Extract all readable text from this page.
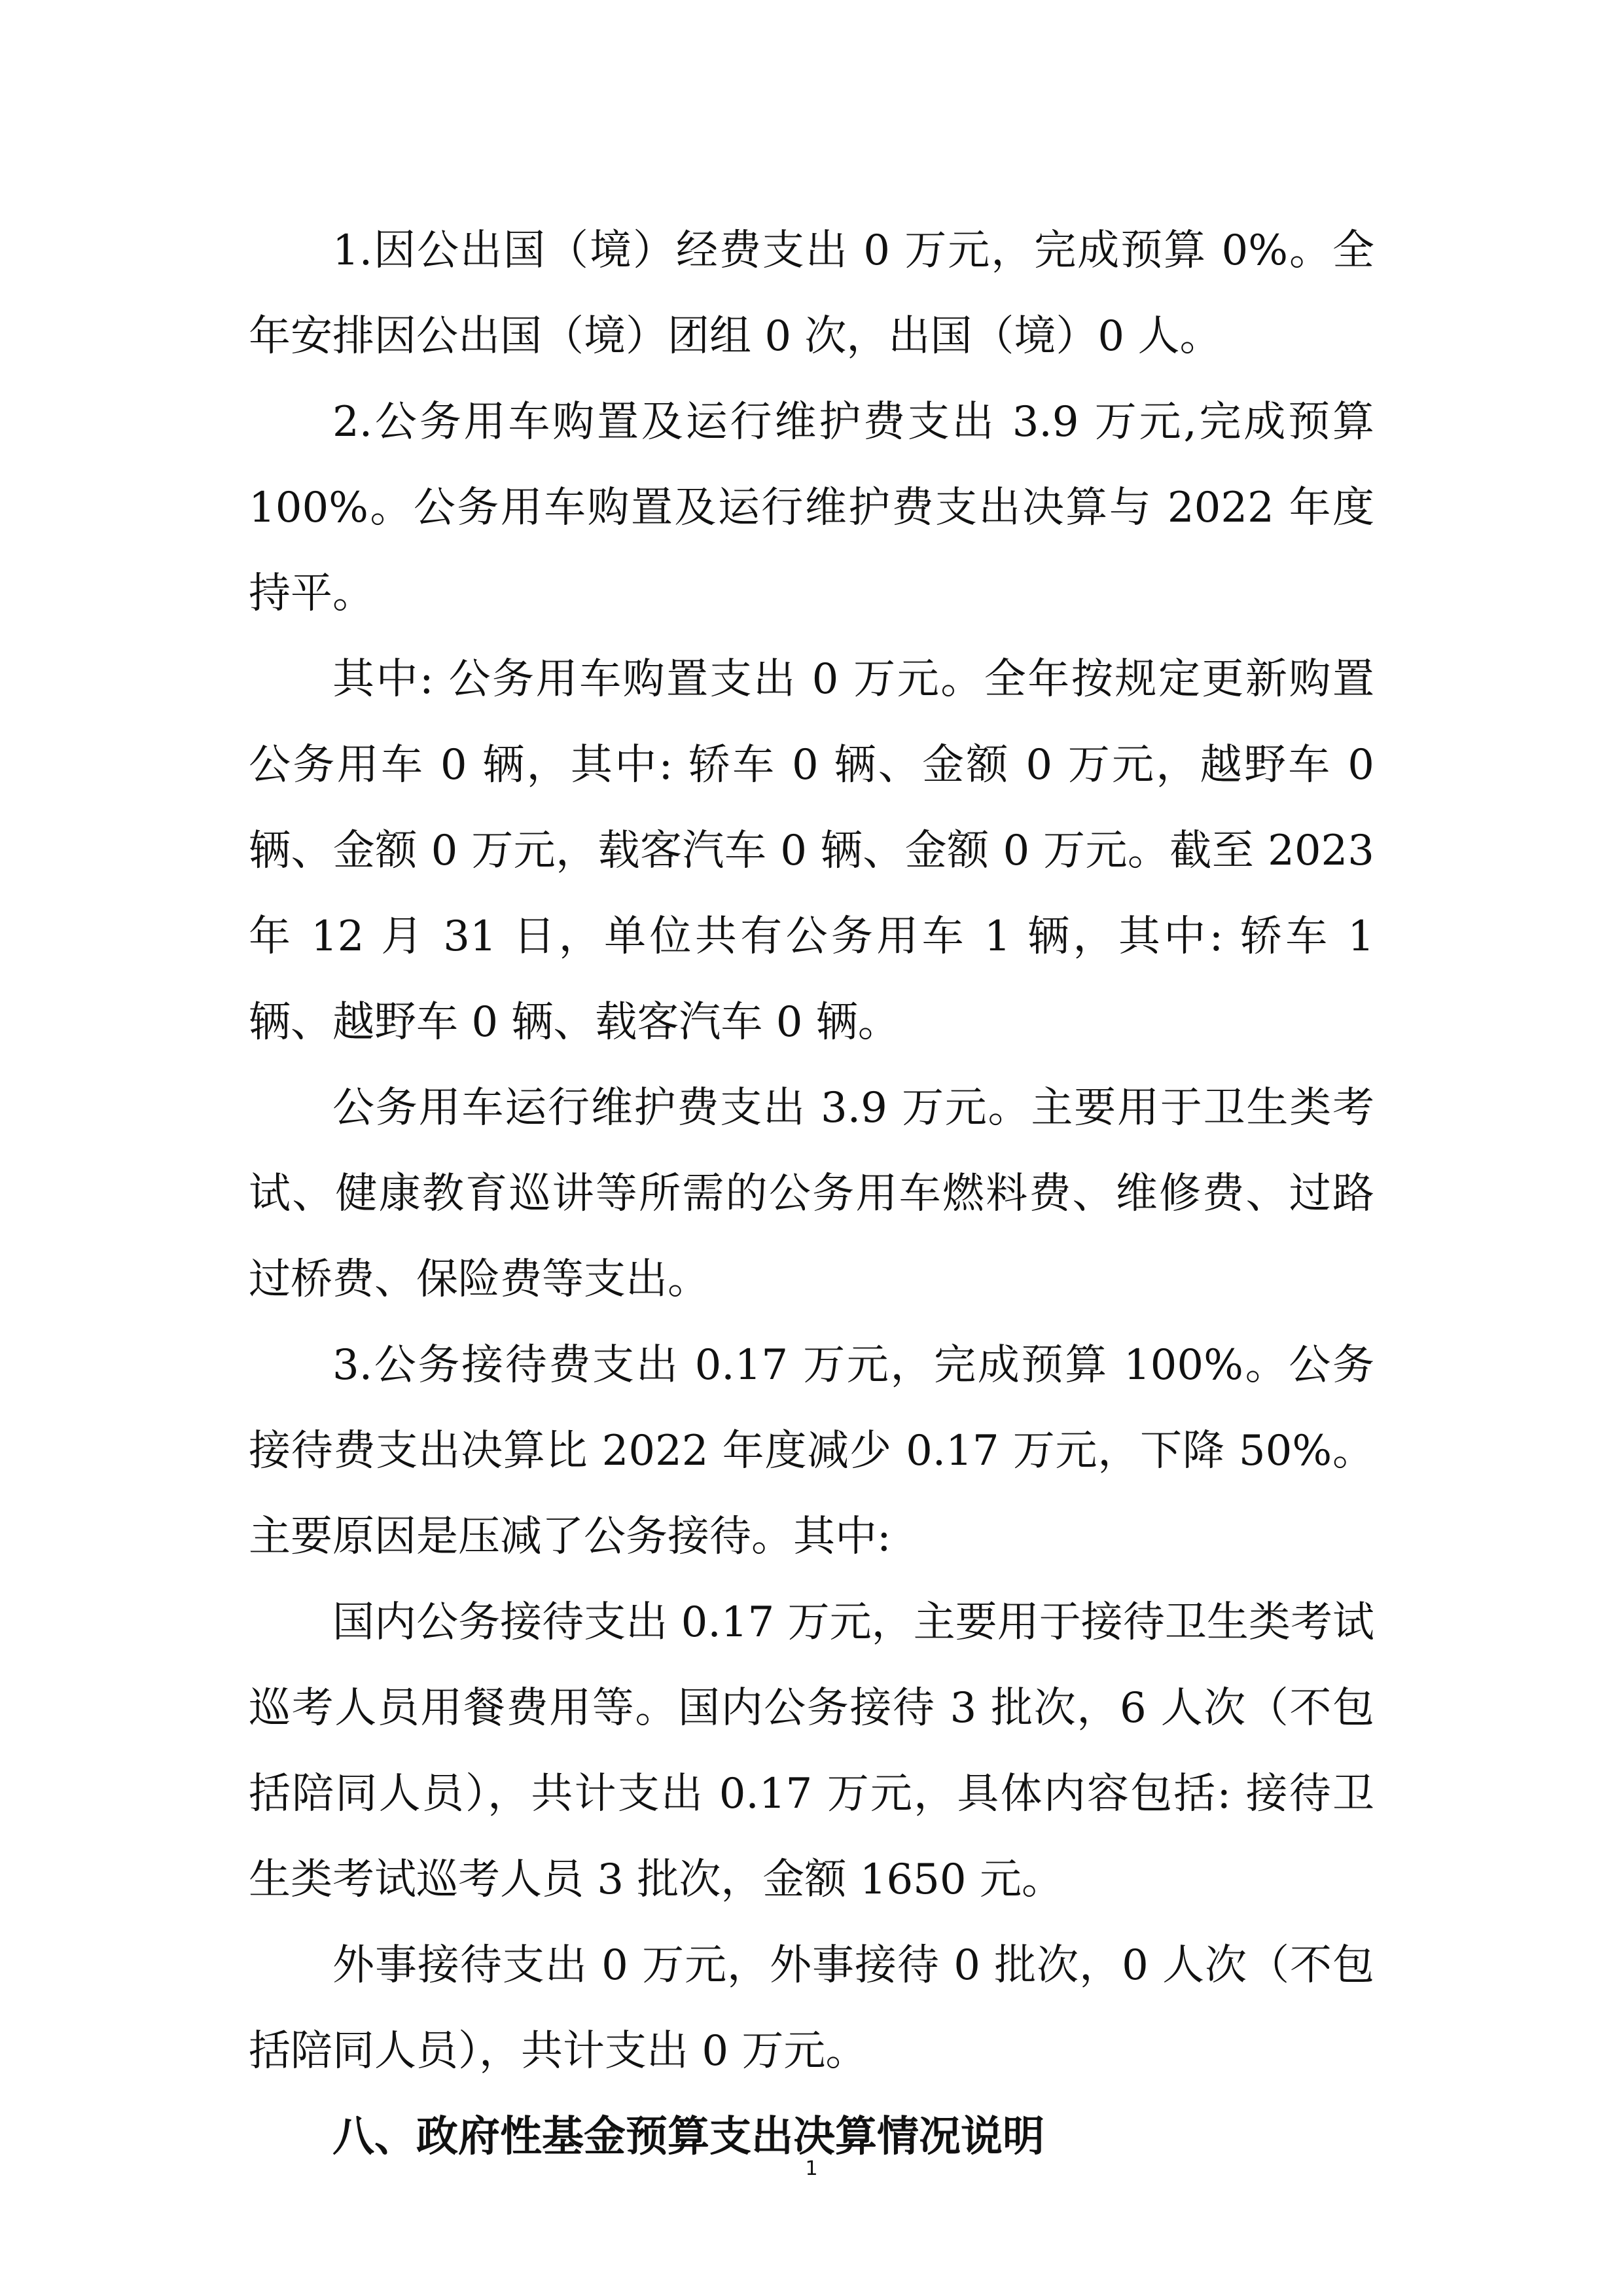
1.因公出国（境）经费支出 0 万元，完成预算 0%。全年安排因公出国（境）团组 0 次，出国（境）0 人。

2.公务用车购置及运行维护费支出 3.9 万元,完成预算 100%。公务用车购置及运行维护费支出决算与 2022 年度持平。

其中: 公务用车购置支出 0 万元。全年按规定更新购置公务用车 0 辆，其中: 轿车 0 辆、金额 0 万元，越野车 0 辆、金额 0 万元，载客汽车 0 辆、金额 0 万元。截至 2023 年 12 月 31 日，单位共有公务用车 1 辆，其中: 轿车 1 辆、越野车 0 辆、载客汽车 0 辆。

公务用车运行维护费支出 3.9 万元。主要用于卫生类考试、健康教育巡讲等所需的公务用车燃料费、维修费、过路过桥费、保险费等支出。

3.公务接待费支出 0.17 万元，完成预算 100%。公务接待费支出决算比 2022 年度减少 0.17 万元，下降 50%。主要原因是压减了公务接待。其中:

国内公务接待支出 0.17 万元，主要用于接待卫生类考试巡考人员用餐费用等。国内公务接待 3 批次，6 人次（不包括陪同人员），共计支出 0.17 万元，具体内容包括: 接待卫生类考试巡考人员 3 批次，金额 1650 元。

外事接待支出 0 万元，外事接待 0 批次，0 人次（不包括陪同人员），共计支出 0 万元。

八、政府性基金预算支出决算情况说明

1
